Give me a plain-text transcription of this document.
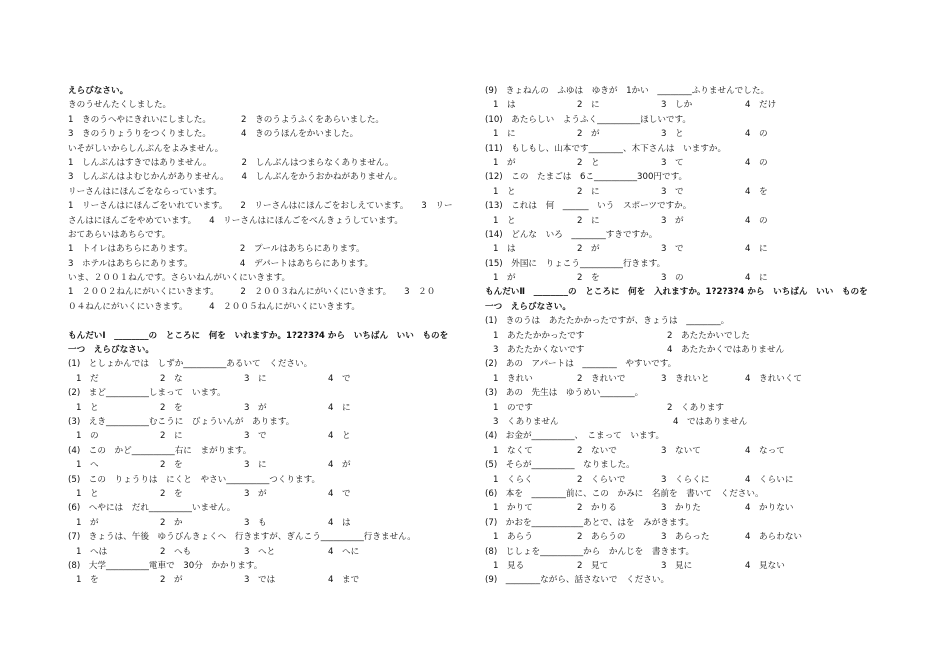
えらびなさい。
きのうせんたくしました。
1　きのうへやにきれいにしました。　　　　2　きのうようふくをあらいました。
3　きのうりょうりをつくりました。　　　　4　きのうほんをかいました。
いそがしいからしんぶんをよみません。
1　しんぶんはすきではありません。　　　　2　しんぶんはつまらなくありません。
3　しんぶんはよむじかんがありません。　　4　しんぶんをかうおかねがありません。
リーさんはにほんごをならっています。
1　リーさんはにほんごをいれています。　　2　リーさんはにほんごをおしえています。　　3　リー
さんはにほんごをやめています。　　4　リーさんはにほんごをべんきょうしています。
おてあらいはあちらです。
1　トイレはあちらにあります。　　　　　　2　プールはあちらにあります。
3　ホテルはあちらにあります。　　　　　　4　デパートはあちらにあります。
いま、２００１ねんです。さらいねんがいくにいきます。
1　２００２ねんにがいくにいきます。　　　2　２００３ねんにがいくにいきます。　　3　２０
０４ねんにがいくにいきます。　　　4　２００５ねんにがいくにいきます。
もんだいⅠ　________の　ところに　何を　いれますか。1?2?3?4 から　いちばん　いい　ものを
一つ　えらびなさい。
(1)　としょかんでは　しずか__________あるいて　ください。
1　だ	2　な	3　に	4　で
(2)　まど__________しまって　います。
1　と	2　を	3　が	4　に
(3)　えき__________むこうに　びょういんが　あります。
1　の	2　に	3　で	4　と
(4)　この　かど__________右に　まがります。
1　へ	2　を	3　に	4　が
(5)　この　りょうりは　にくと　やさい__________つくります。
1　と	2　を	3　が	4　で
(6)　へやには　だれ__________いません。
1　が	2　か	3　も	4　は
(7)　きょうは、午後　ゆうびんきょくへ　行きますが、ぎんこう__________行きません。
1　へは	2　へも	3　へと	4　へに
(8)　大学__________電車で　30分　かかります。
1　を	2　が	3　では	4　まで
(9)　きょねんの　ふゆは　ゆきが　1かい　________ふりませんでした。
1　は	2　に	3　しか	4　だけ
(10)　あたらしい　ようふく__________ほしいです。
1　に	2　が	3　と	4　の
(11)　もしもし、山本です________、木下さんは　いますか。
1　が	2　と	3　て	4　の
(12)　この　たまごは　6こ__________300円です。
1　と	2　に	3　で	4　を
(13)　これは　何　______　いう　スポーツですか。
1　と	2　に	3　が	4　の
(14)　どんな　いろ　________すきですか。
1　は	2　が	3　で	4　に
(15)　外国に　りょこう__________行きます。
1　が	2　を	3　の	4　に
もんだいⅡ　________の　ところに　何を　入れますか。1?2?3?4 から　いちばん　いい　ものを
一つ　えらびなさい。
(1)　きのうは　あたたかかったですが、きょうは　________。
1　あたたかかったです	2　あたたかいでした
3　あたたかくないです	4　あたたかくではありません
(2)　あの　アパートは　________　やすいです。
1　きれい	2　きれいで	3　きれいと	4　きれいくて
(3)　あの　先生は　ゆうめい________。
1　のです	2　くあります
3　くありません	4　ではありません
(4)　お金が__________、　こまって　います。
1　なくて	2　ないで	3　ないて	4　なって
(5)　そらが__________　なりました。
1　くらく	2　くらいで	3　くらくに	4　くらいに
(6)　本を　________前に、この　かみに　名前を　書いて　ください。
1　かりて	2　かりる	3　かりた	4　かりない
(7)　かおを____________あとで、はを　みがきます。
1　あらう	2　あらうの	3　あらった	4　あらわない
(8)　じしょを__________から　かんじを　書きます。
1　見る	2　見て	3　見に	4　見ない
(9)　________ながら、話さないで　ください。
